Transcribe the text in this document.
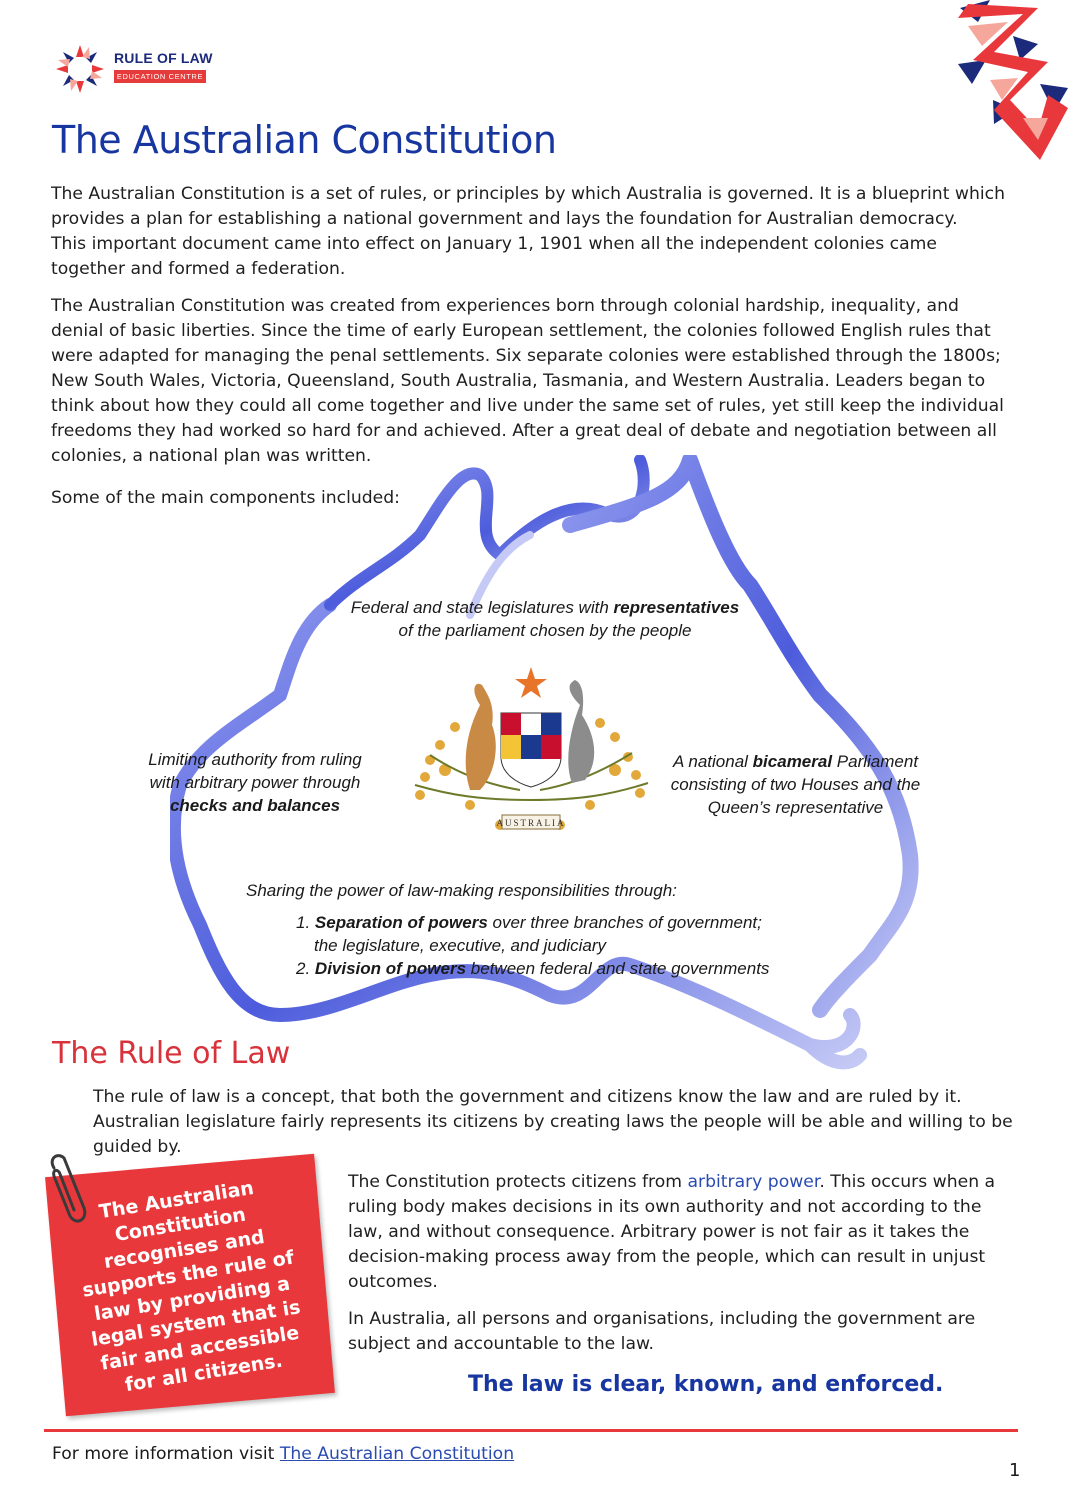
RULE OF LAW
EDUCATION CENTRE
The Australian Constitution
The Australian Constitution is a set of rules, or principles by which Australia is governed. It is a blueprint which provides a plan for establishing a national government and lays the foundation for Australian democracy.
This important document came into effect on January 1, 1901 when all the independent colonies came together and formed a federation.
The Australian Constitution was created from experiences born through colonial hardship, inequality, and denial of basic liberties. Since the time of early European settlement, the colonies followed English rules that were adapted for managing the penal settlements. Six separate colonies were established through the 1800s; New South Wales, Victoria, Queensland, South Australia, Tasmania, and Western Australia. Leaders began to think about how they could all come together and live under the same set of rules, yet still keep the individual freedoms they had worked so hard for and achieved. After a great deal of debate and negotiation between all colonies, a national plan was written.
Some of the main components included:
Federal and state legislatures with representatives
of the parliament chosen by the people
Limiting authority from ruling with arbitrary power through checks and balances
A national bicameral Parliament consisting of two Houses and the Queen’s representative
AUSTRALIA
Sharing the power of law-making responsibilities through:
1. Separation of powers over three branches of government;
the legislature, executive, and judiciary
2. Division of powers between federal and state governments
The Rule of Law
The rule of law is a concept, that both the government and citizens know the law and are ruled by it. Australian legislature fairly represents its citizens by creating laws the people will be able and willing to be guided by.
The Australian Constitution recognises and supports the rule of law by providing a legal system that is fair and accessible for all citizens.
The Constitution protects citizens from arbitrary power. This occurs when a ruling body makes decisions in its own authority and not according to the law, and without consequence. Arbitrary power is not fair as it takes the decision-making process away from the people, which can result in unjust outcomes.
In Australia, all persons and organisations, including the government are subject and accountable to the law.
The law is clear, known, and enforced.
For more information visit The Australian Constitution
1
